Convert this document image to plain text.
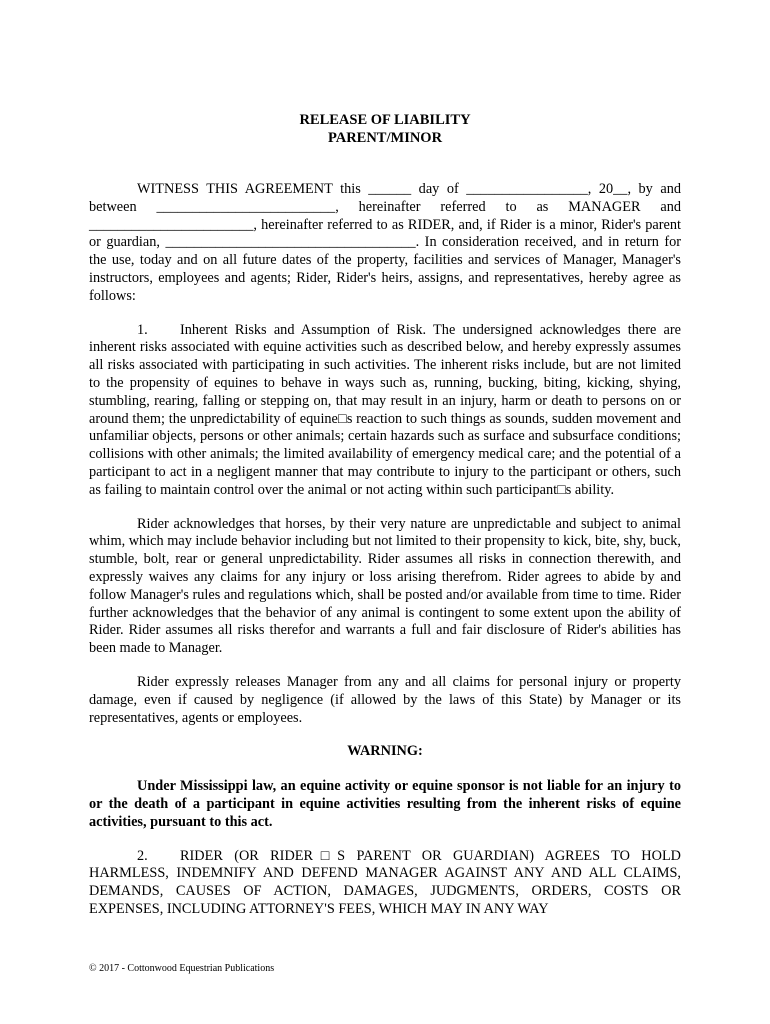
RELEASE OF LIABILITY
PARENT/MINOR

WITNESS THIS AGREEMENT this ______ day of _________________, 20__, by and between _________________________, hereinafter referred to as MANAGER and _______________________, hereinafter referred to as RIDER, and, if Rider is a minor, Rider's parent or guardian, ___________________________________. In consideration received, and in return for the use, today and on all future dates of the property, facilities and services of Manager, Manager's instructors, employees and agents; Rider, Rider's heirs, assigns, and representatives, hereby agree as follows:

1. Inherent Risks and Assumption of Risk. The undersigned acknowledges there are inherent risks associated with equine activities such as described below, and hereby expressly assumes all risks associated with participating in such activities. The inherent risks include, but are not limited to the propensity of equines to behave in ways such as, running, bucking, biting, kicking, shying, stumbling, rearing, falling or stepping on, that may result in an injury, harm or death to persons on or around them; the unpredictability of equine□s reaction to such things as sounds, sudden movement and unfamiliar objects, persons or other animals; certain hazards such as surface and subsurface conditions; collisions with other animals; the limited availability of emergency medical care; and the potential of a participant to act in a negligent manner that may contribute to injury to the participant or others, such as failing to maintain control over the animal or not acting within such participant□s ability.

Rider acknowledges that horses, by their very nature are unpredictable and subject to animal whim, which may include behavior including but not limited to their propensity to kick, bite, shy, buck, stumble, bolt, rear or general unpredictability. Rider assumes all risks in connection therewith, and expressly waives any claims for any injury or loss arising therefrom. Rider agrees to abide by and follow Manager's rules and regulations which, shall be posted and/or available from time to time. Rider further acknowledges that the behavior of any animal is contingent to some extent upon the ability of Rider. Rider assumes all risks therefor and warrants a full and fair disclosure of Rider's abilities has been made to Manager.

Rider expressly releases Manager from any and all claims for personal injury or property damage, even if caused by negligence (if allowed by the laws of this State) by Manager or its representatives, agents or employees.

WARNING:

Under Mississippi law, an equine activity or equine sponsor is not liable for an injury to or the death of a participant in equine activities resulting from the inherent risks of equine activities, pursuant to this act.

2. RIDER (OR RIDER□S PARENT OR GUARDIAN) AGREES TO HOLD HARMLESS, INDEMNIFY AND DEFEND MANAGER AGAINST ANY AND ALL CLAIMS, DEMANDS, CAUSES OF ACTION, DAMAGES, JUDGMENTS, ORDERS, COSTS OR EXPENSES, INCLUDING ATTORNEY'S FEES, WHICH MAY IN ANY WAY

© 2017 - Cottonwood Equestrian Publications
